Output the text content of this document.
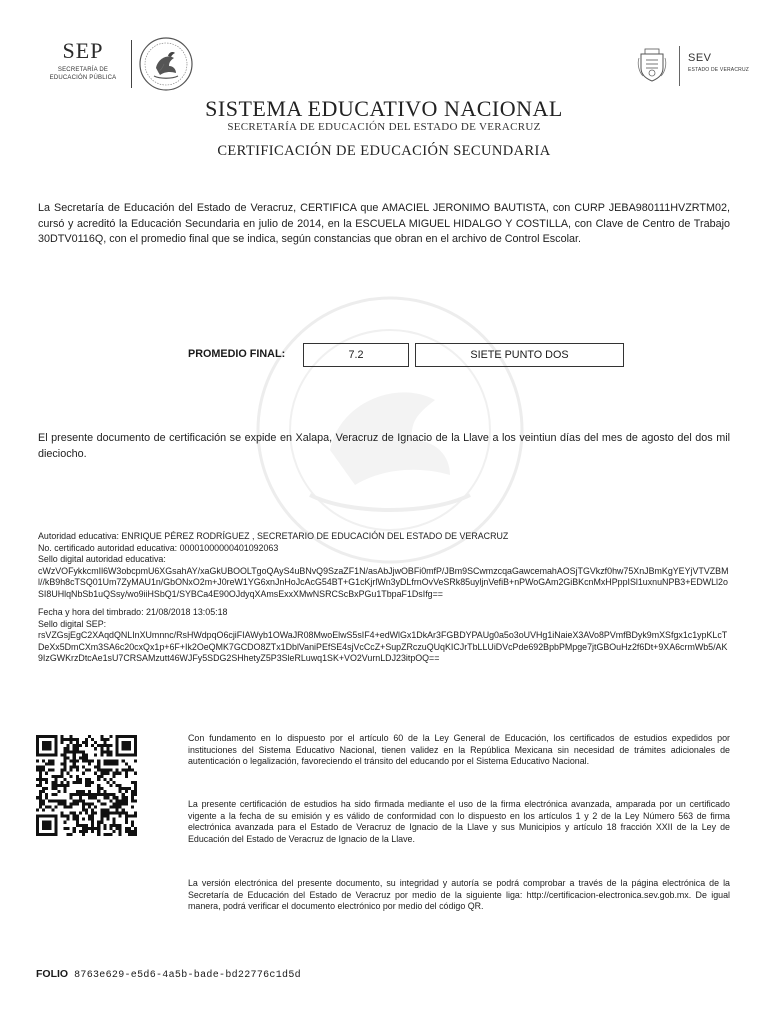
SEP
SECRETARÍA DE
EDUCACIÓN PÚBLICA
SEV
ESTADO DE VERACRUZ
SISTEMA EDUCATIVO NACIONAL
SECRETARÍA DE EDUCACIÓN DEL ESTADO DE VERACRUZ
CERTIFICACIÓN DE EDUCACIÓN SECUNDARIA
La Secretaría de Educación del Estado de Veracruz, CERTIFICA que AMACIEL JERONIMO BAUTISTA, con CURP JEBA980111HVZRTM02, cursó y acreditó la Educación Secundaria en julio de 2014, en la ESCUELA MIGUEL HIDALGO Y COSTILLA, con Clave de Centro de Trabajo 30DTV0116Q, con el promedio final que se indica, según constancias que obran en el archivo de Control Escolar.
PROMEDIO FINAL:	7.2	SIETE PUNTO DOS
El presente documento de certificación se expide en Xalapa, Veracruz de Ignacio de la Llave a los veintiun días del mes de agosto del dos mil dieciocho.
Autoridad educativa: ENRIQUE PÉREZ RODRÍGUEZ , SECRETARIO DE EDUCACIÓN DEL ESTADO DE VERACRUZ
No. certificado autoridad educativa: 00001000000401092063
Sello digital autoridad educativa:
cWzVOFykkcmIl6W3obcpmU6XGsahAY/xaGkUBOOLTgoQAyS4uBNvQ9SzaZF1N/asAbJjwOBFi0mfP/JBm9SCwmzcqaGawcemahAOSjTGVkzf0hw75XnJBmKgYEYjVTVZBMl//kB9h8cTSQ01Um7ZyMAU1n/GbONxO2m+J0reW1YG6xnJnHoJcAcG54BT+G1cKjrlWn3yDLfrnOvVeSRk85uyljnVefiB+nPWoGAm2GiBKcnMxHPppISl1uxnuNPB3+EDWLl2oSI8UHlqNbSb1uQSsy/wo9iiHSbQ1/SYBCa4E90OJdyqXAmsExxXMwNSRCScBxPGu1TbpaF1DsIfg==
Fecha y hora del timbrado: 21/08/2018 13:05:18
Sello digital SEP:
rsVZGsjEgC2XAqdQNLInXUmnnc/RsHWdpqO6cjiFIAWyb1OWaJR08MwoElwS5sIF4+edWlGx1DkAr3FGBDYPAUg0a5o3oUVHg1iNaieX3AVo8PVmfBDyk9mXSfgx1c1ypKLcTDeXx5DmCXm3SA6c20cxQx1p+6F+Ik2OeQMK7GCDO8ZTx1DblVaniPEfSE4sjVcCcZ+SupZRczuQUqKICJrTbLLUiDVcPde692BpbPMpge7jtGBOuHz2f6Dt+9XA6crmWb5/AK9IzGWKrzDtcAe1sU7CRSAMzutt46WJFy5SDG2SHhetyZ5P3SleRLuwq1SK+VO2VurnLDJ23itpOQ==
Con fundamento en lo dispuesto por el artículo 60 de la Ley General de Educación, los certificados de estudios expedidos por instituciones del Sistema Educativo Nacional, tienen validez en la República Mexicana sin necesidad de trámites adicionales de autenticación o legalización, favoreciendo el tránsito del educando por el Sistema Educativo Nacional.
La presente certificación de estudios ha sido firmada mediante el uso de la firma electrónica avanzada, amparada por un certificado vigente a la fecha de su emisión y es válido de conformidad con lo dispuesto en los artículos 1 y 2 de la Ley Número 563 de firma electrónica avanzada para el Estado de Veracruz de Ignacio de la Llave y sus Municipios y artículo 18 fracción XXII de la Ley de Educación del Estado de Veracruz de Ignacio de la Llave.
La versión electrónica del presente documento, su integridad y autoría se podrá comprobar a través de la página electrónica de la Secretaría de Educación del Estado de Veracruz por medio de la siguiente liga: http://certificacion-electronica.sev.gob.mx. De igual manera, podrá verificar el documento electrónico por medio del código QR.
FOLIO 8763e629-e5d6-4a5b-bade-bd22776c1d5d
